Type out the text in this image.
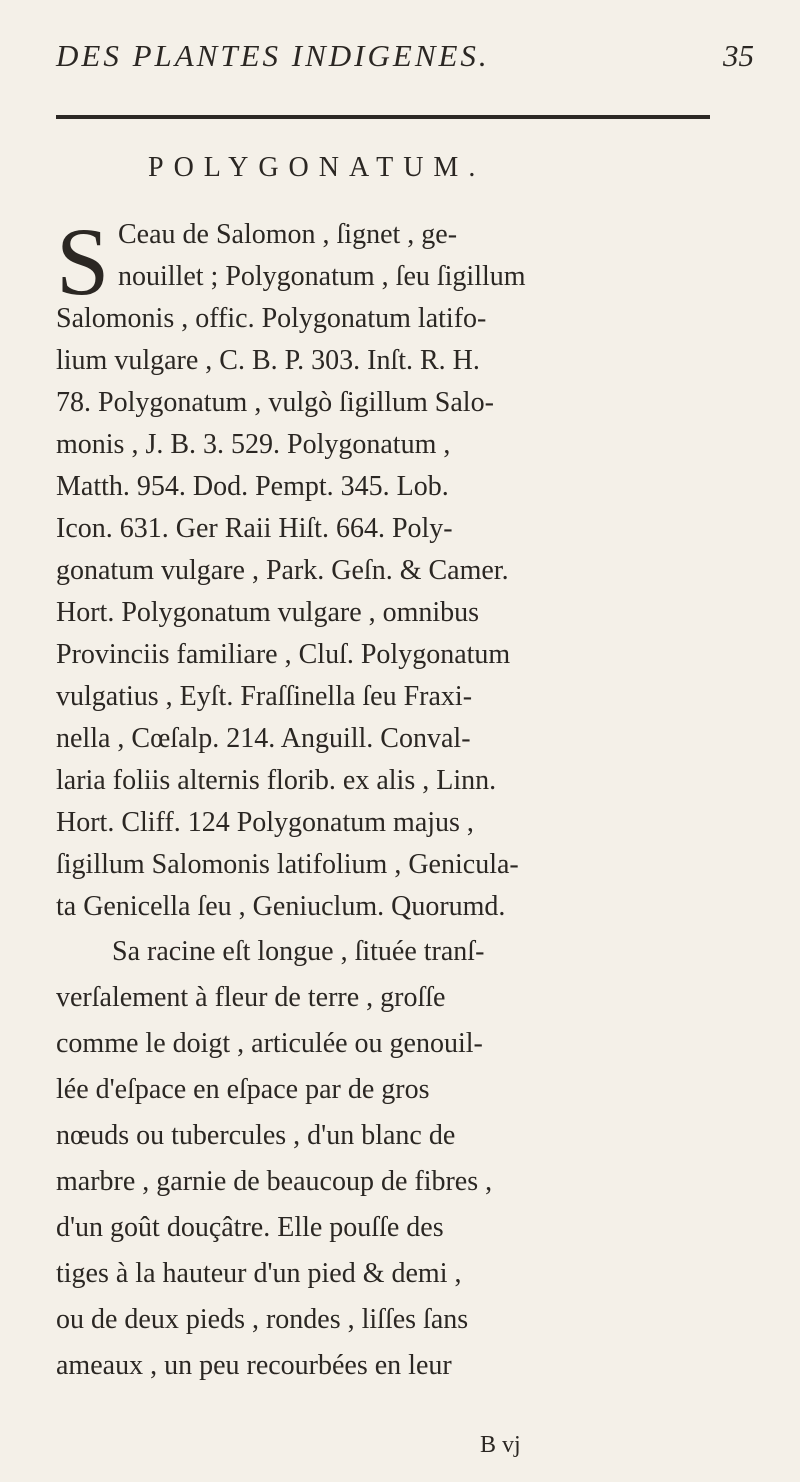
DES PLANTES INDIGENES.	35
POLYGONATUM.
S Ceau de Salomon , ſignet , ge-
nouillet ; Polygonatum , ſeu ſigillum
Salomonis , offic. Polygonatum latifo-
lium vulgare , C. B. P. 303. Inſt. R. H.
78. Polygonatum , vulgò ſigillum Salo-
monis , J. B. 3. 529. Polygonatum ,
Matth. 954. Dod. Pempt. 345. Lob.
Icon. 631. Ger Raii Hiſt. 664. Poly-
gonatum vulgare , Park. Geſn. & Camer.
Hort. Polygonatum vulgare , omnibus
Provinciis familiare , Cluſ. Polygonatum
vulgatius , Eyſt. Fraſſinella ſeu Fraxi-
nella , Cœſalp. 214. Anguill. Conval-
laria foliis alternis florib. ex alis , Linn.
Hort. Cliff. 124 Polygonatum majus ,
ſigillum Salomonis latifolium , Genicula-
ta Genicella ſeu , Geniuclum. Quorumd.
Sa racine eſt longue , ſituée tranſ-
verſalement à fleur de terre , groſſe
comme le doigt , articulée ou genouil-
lée d'eſpace en eſpace par de gros
nœuds ou tubercules , d'un blanc de
marbre , garnie de beaucoup de fibres ,
d'un goût douçâtre. Elle pouſſe des
tiges à la hauteur d'un pied & demi ,
ou de deux pieds , rondes , liſſes ſans
ameaux , un peu recourbées en leur
B vj
